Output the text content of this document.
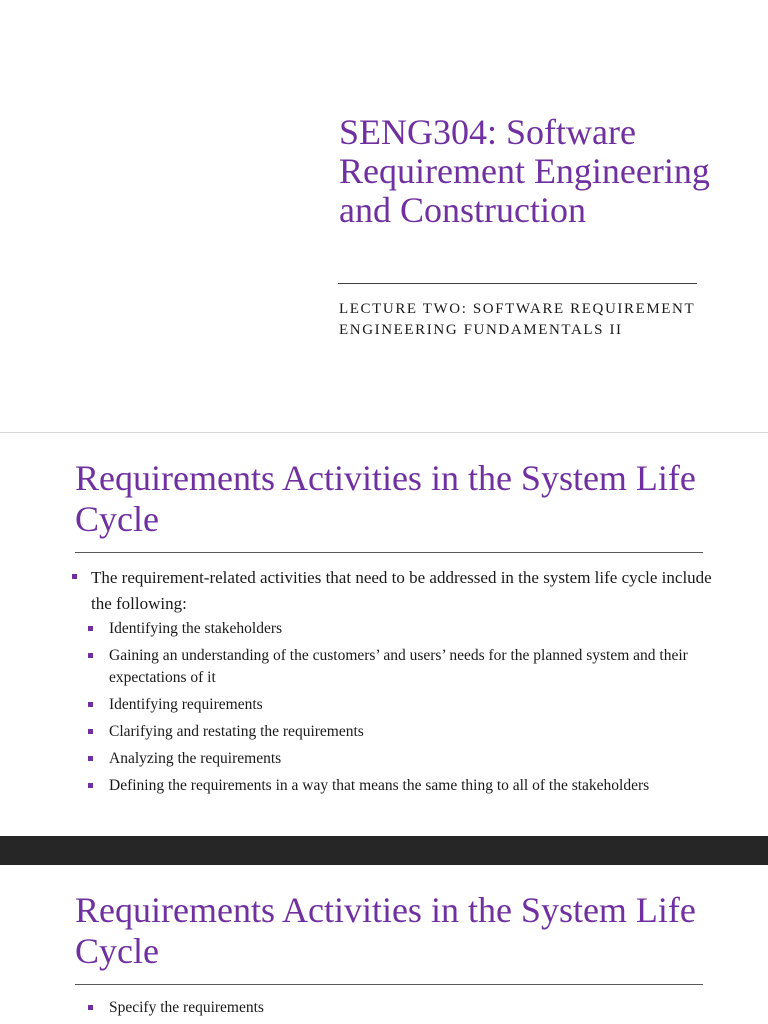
SENG304: Software Requirement Engineering and Construction

LECTURE TWO: SOFTWARE REQUIREMENT
ENGINEERING FUNDAMENTALS II

Requirements Activities in the System Life Cycle
The requirement-related activities that need to be addressed in the system life cycle include the following:
Identifying the stakeholders
Gaining an understanding of the customers’ and users’ needs for the planned system and their expectations of it
Identifying requirements
Clarifying and restating the requirements
Analyzing the requirements
Defining the requirements in a way that means the same thing to all of the stakeholders
Requirements Activities in the System Life Cycle
Specify the requirements
